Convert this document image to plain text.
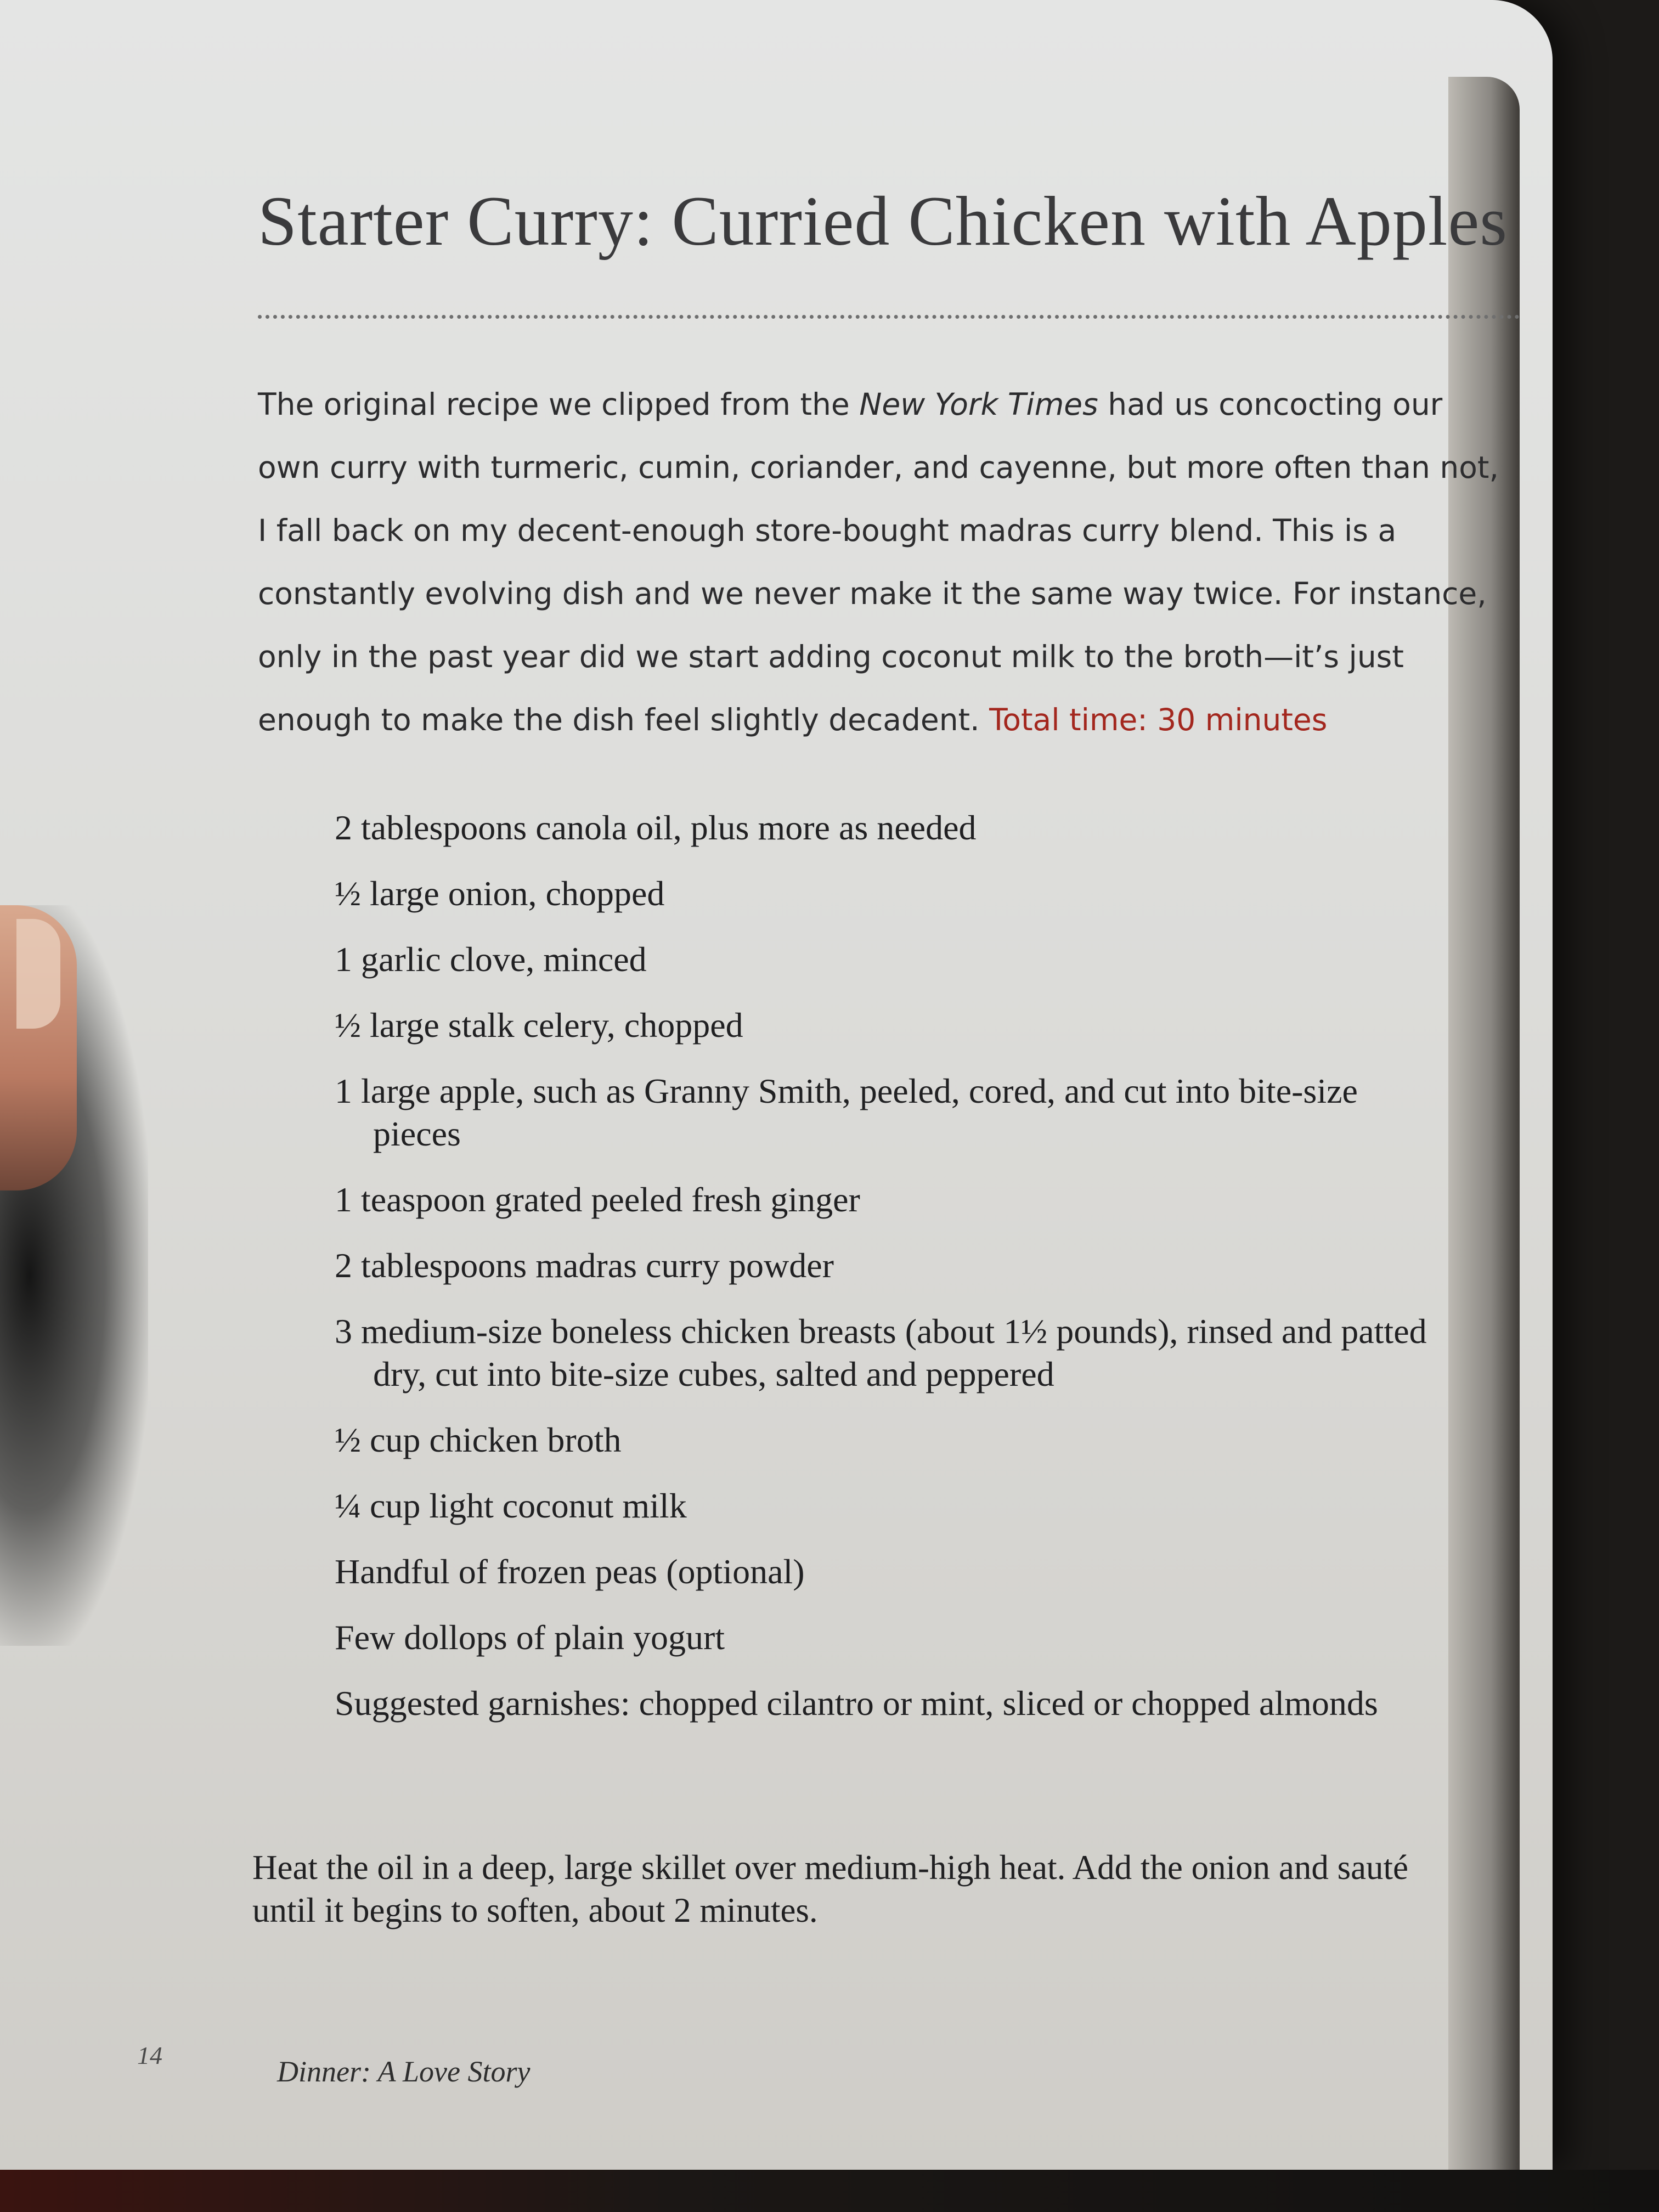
Starter Curry: Curried Chicken with Apples

The original recipe we clipped from the New York Times had us concocting our own curry with turmeric, cumin, coriander, and cayenne, but more often than not, I fall back on my decent-enough store-bought madras curry blend. This is a constantly evolving dish and we never make it the same way twice. For instance, only in the past year did we start adding coconut milk to the broth—it’s just enough to make the dish feel slightly decadent. Total time: 30 minutes

2 tablespoons canola oil, plus more as needed
½ large onion, chopped
1 garlic clove, minced
½ large stalk celery, chopped
1 large apple, such as Granny Smith, peeled, cored, and cut into bite-size pieces
1 teaspoon grated peeled fresh ginger
2 tablespoons madras curry powder
3 medium-size boneless chicken breasts (about 1½ pounds), rinsed and patted dry, cut into bite-size cubes, salted and peppered
½ cup chicken broth
¼ cup light coconut milk
Handful of frozen peas (optional)
Few dollops of plain yogurt
Suggested garnishes: chopped cilantro or mint, sliced or chopped almonds

Heat the oil in a deep, large skillet over medium-high heat. Add the onion and sauté until it begins to soften, about 2 minutes.

14	Dinner: A Love Story
